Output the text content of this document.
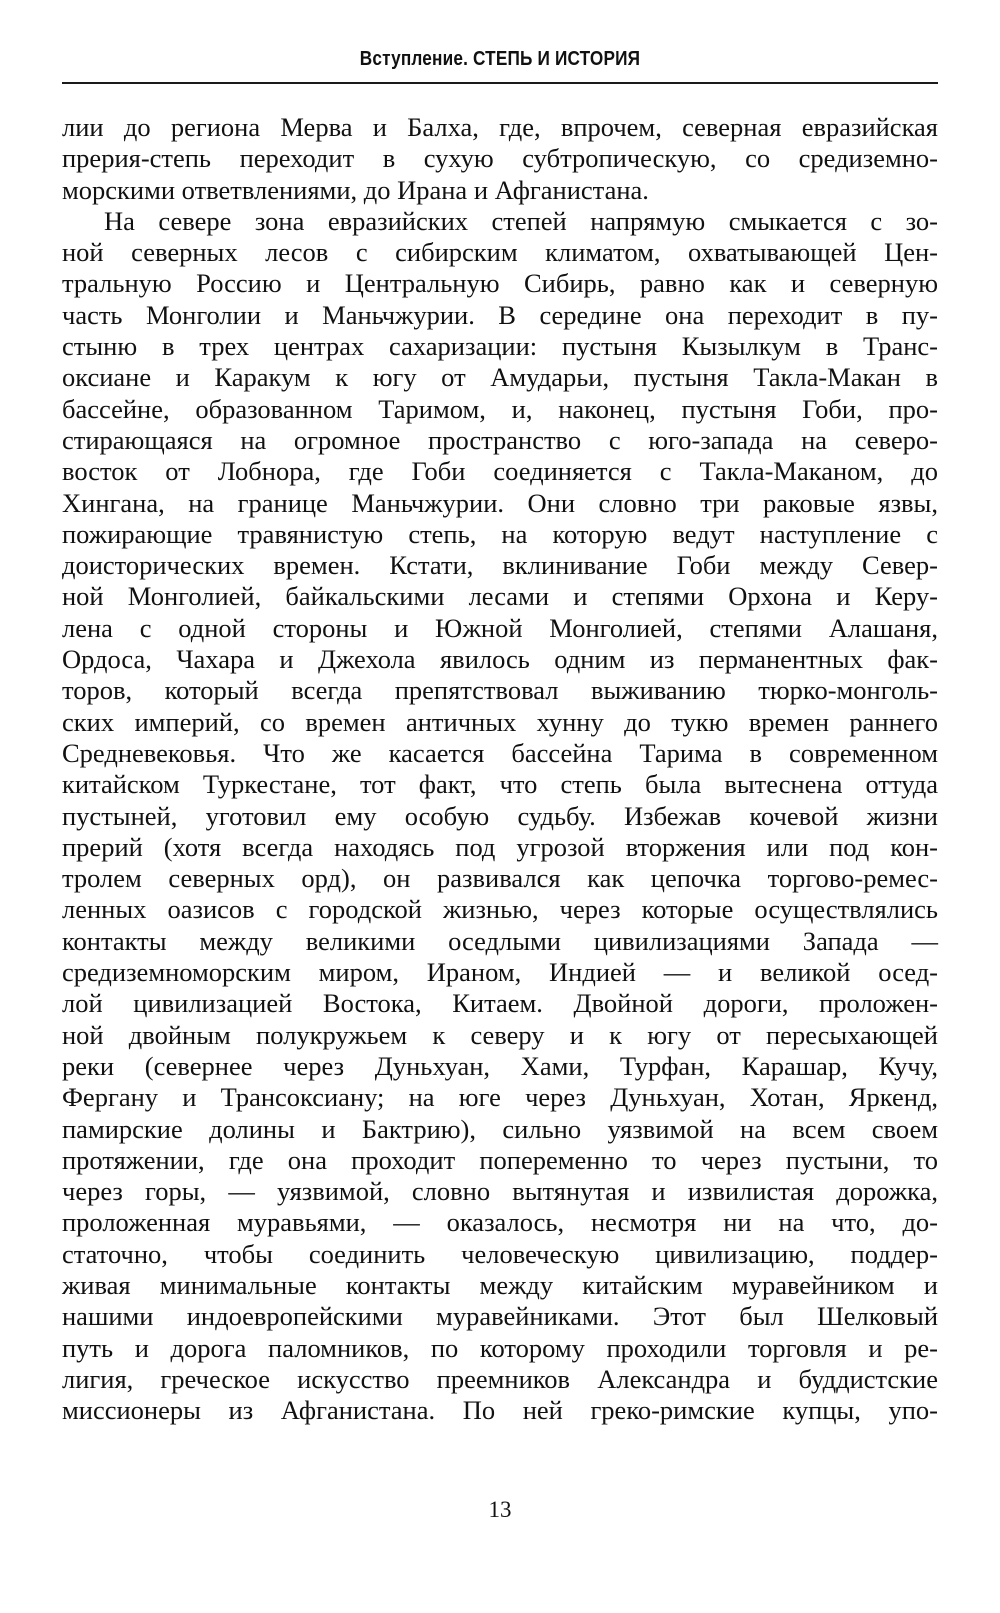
Вступление. СТЕПЬ И ИСТОРИЯ
лии до региона Мерва и Балха, где, впрочем, северная евразийская
прерия-степь переходит в сухую субтропическую, со средиземно-
морскими ответвлениями, до Ирана и Афганистана.
На севере зона евразийских степей напрямую смыкается с зо-
ной северных лесов с сибирским климатом, охватывающей Цен-
тральную Россию и Центральную Сибирь, равно как и северную
часть Монголии и Маньчжурии. В середине она переходит в пу-
стыню в трех центрах сахаризации: пустыня Кызылкум в Транс-
оксиане и Каракум к югу от Амударьи, пустыня Такла-Макан в
бассейне, образованном Таримом, и, наконец, пустыня Гоби, про-
стирающаяся на огромное пространство с юго-запада на северо-
восток от Лобнора, где Гоби соединяется с Такла-Маканом, до
Хингана, на границе Маньчжурии. Они словно три раковые язвы,
пожирающие травянистую степь, на которую ведут наступление с
доисторических времен. Кстати, вклинивание Гоби между Север-
ной Монголией, байкальскими лесами и степями Орхона и Керу-
лена с одной стороны и Южной Монголией, степями Алашаня,
Ордоса, Чахара и Джехола явилось одним из перманентных фак-
торов, который всегда препятствовал выживанию тюрко-монголь-
ских империй, со времен античных хунну до тукю времен раннего
Средневековья. Что же касается бассейна Тарима в современном
китайском Туркестане, тот факт, что степь была вытеснена оттуда
пустыней, уготовил ему особую судьбу. Избежав кочевой жизни
прерий (хотя всегда находясь под угрозой вторжения или под кон-
тролем северных орд), он развивался как цепочка торгово-ремес-
ленных оазисов с городской жизнью, через которые осуществлялись
контакты между великими оседлыми цивилизациями Запада —
средиземноморским миром, Ираном, Индией — и великой осед-
лой цивилизацией Востока, Китаем. Двойной дороги, проложен-
ной двойным полукружьем к северу и к югу от пересыхающей
реки (севернее через Дуньхуан, Хами, Турфан, Карашар, Кучу,
Фергану и Трансоксиану; на юге через Дуньхуан, Хотан, Яркенд,
памирские долины и Бактрию), сильно уязвимой на всем своем
протяжении, где она проходит попеременно то через пустыни, то
через горы, — уязвимой, словно вытянутая и извилистая дорожка,
проложенная муравьями, — оказалось, несмотря ни на что, до-
статочно, чтобы соединить человеческую цивилизацию, поддер-
живая минимальные контакты между китайским муравейником и
нашими индоевропейскими муравейниками. Этот был Шелковый
путь и дорога паломников, по которому проходили торговля и ре-
лигия, греческое искусство преемников Александра и буддистские
миссионеры из Афганистана. По ней греко-римские купцы, упо-
13
